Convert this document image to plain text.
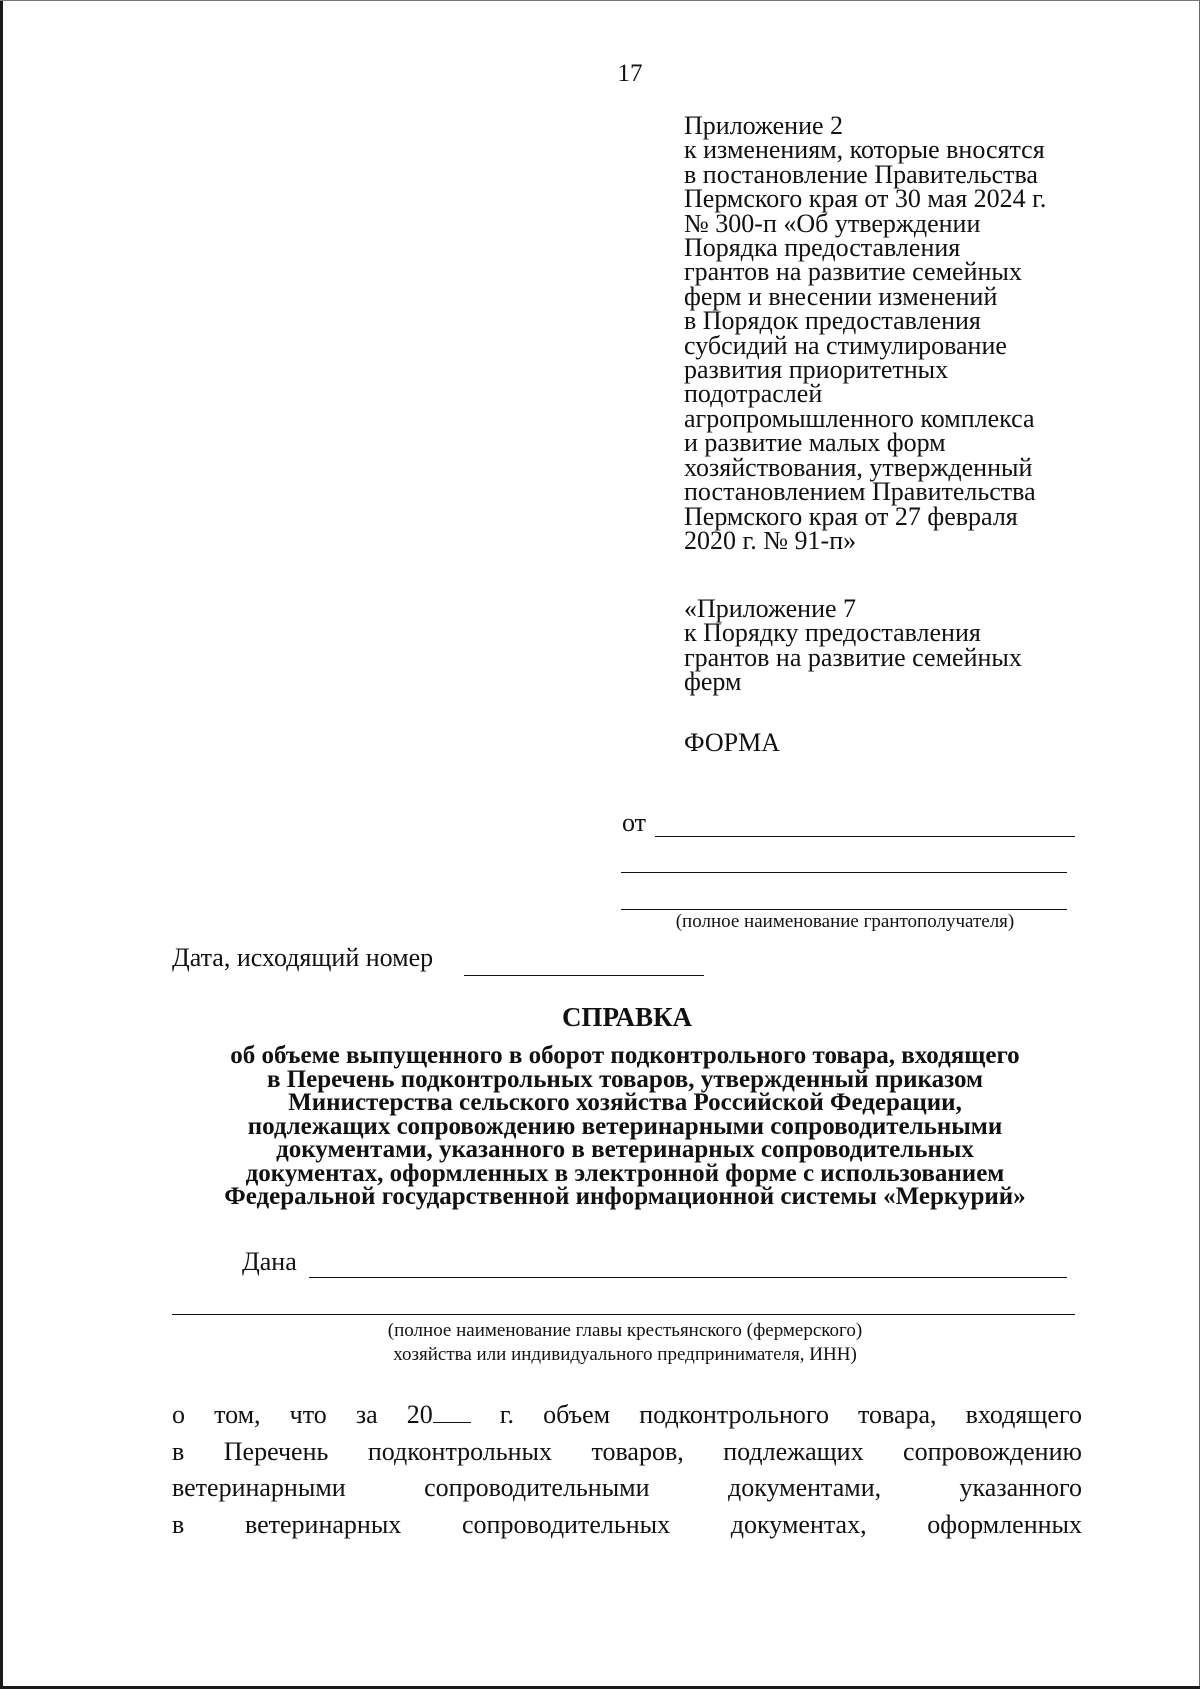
17
Приложение 2
к изменениям, которые вносятся
в постановление Правительства
Пермского края от 30 мая 2024 г.
№ 300-п «Об утверждении
Порядка предоставления
грантов на развитие семейных
ферм и внесении изменений
в Порядок предоставления
субсидий на стимулирование
развития приоритетных
подотраслей
агропромышленного комплекса
и развитие малых форм
хозяйствования, утвержденный
постановлением Правительства
Пермского края от 27 февраля
2020 г. № 91-п»
«Приложение 7
к Порядку предоставления
грантов на развитие семейных
ферм
ФОРМА
от
(полное наименование грантополучателя)
Дата, исходящий номер
СПРАВКА
об объеме выпущенного в оборот подконтрольного товара, входящего
в Перечень подконтрольных товаров, утвержденный приказом
Министерства сельского хозяйства Российской Федерации,
подлежащих сопровождению ветеринарными сопроводительными
документами, указанного в ветеринарных сопроводительных
документах, оформленных в электронной форме с использованием
Федеральной государственной информационной системы «Меркурий»
Дана
(полное наименование главы крестьянского (фермерского)
хозяйства или индивидуального предпринимателя, ИНН)
о том, что за 20	г. объем подконтрольного товара, входящего
в Перечень подконтрольных товаров, подлежащих сопровождению
ветеринарными	сопроводительными	документами,	указанного
в ветеринарных сопроводительных документах, оформленных
